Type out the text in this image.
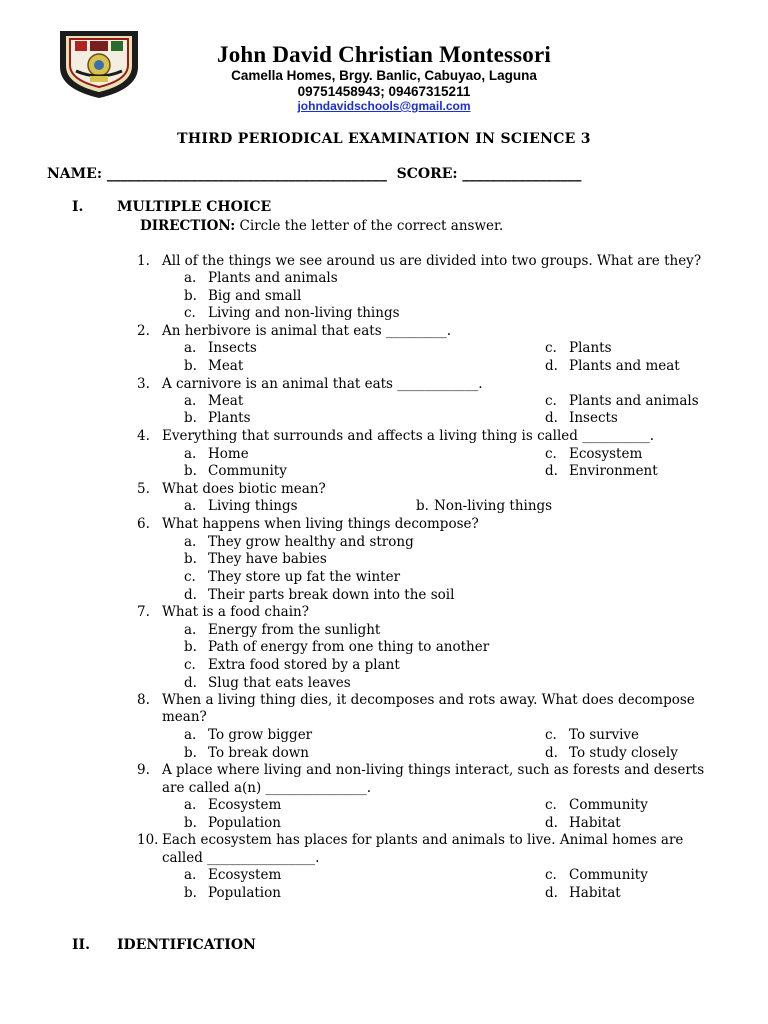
John David Christian Montessori
Camella Homes, Brgy. Banlic, Cabuyao, Laguna
09751458943; 09467315211
johndavidschools@gmail.com
THIRD PERIODICAL EXAMINATION IN SCIENCE 3
NAME: ________________________________________  SCORE: _________________
I. MULTIPLE CHOICE
DIRECTION: Circle the letter of the correct answer.
1. All of the things we see around us are divided into two groups. What are they?
a. Plants and animals
b. Big and small
c. Living and non-living things
2. An herbivore is animal that eats _________.
a. Insects	c. Plants
b. Meat	d. Plants and meat
3. A carnivore is an animal that eats ____________.
a. Meat	c. Plants and animals
b. Plants	d. Insects
4. Everything that surrounds and affects a living thing is called __________.
a. Home	c. Ecosystem
b. Community	d. Environment
5. What does biotic mean?
a. Living things	b. Non-living things
6. What happens when living things decompose?
a. They grow healthy and strong
b. They have babies
c. They store up fat the winter
d. Their parts break down into the soil
7. What is a food chain?
a. Energy from the sunlight
b. Path of energy from one thing to another
c. Extra food stored by a plant
d. Slug that eats leaves
8. When a living thing dies, it decomposes and rots away. What does decompose
mean?
a. To grow bigger	c. To survive
b. To break down	d. To study closely
9. A place where living and non-living things interact, such as forests and deserts
are called a(n) _______________.
a. Ecosystem	c. Community
b. Population	d. Habitat
10. Each ecosystem has places for plants and animals to live. Animal homes are
called ________________.
a. Ecosystem	c. Community
b. Population	d. Habitat
II. IDENTIFICATION
